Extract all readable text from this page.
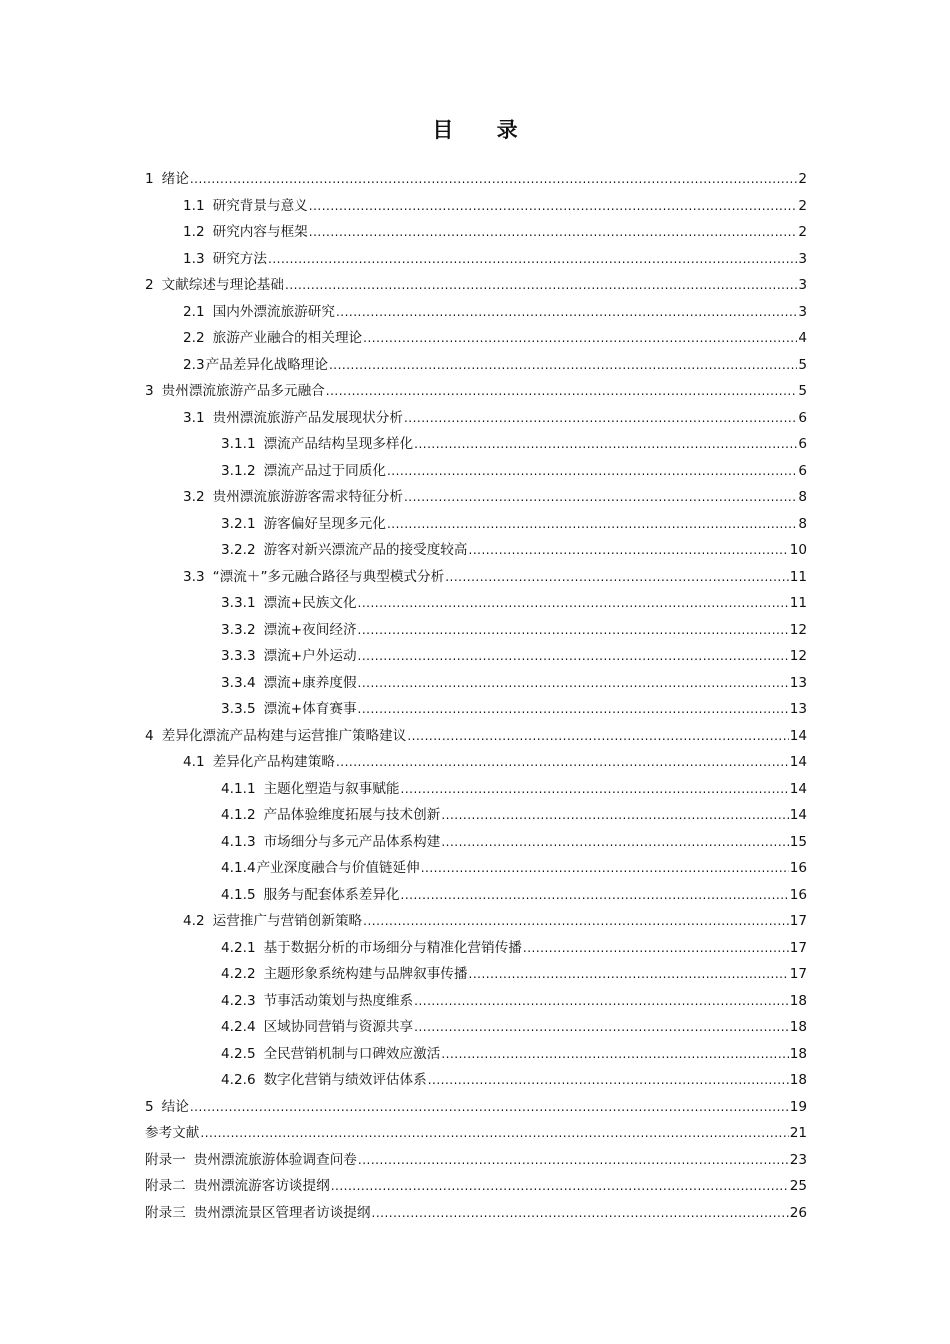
目 录
1 绪论 .....	2
1.1 研究背景与意义 .....	2
1.2 研究内容与框架 .....	2
1.3 研究方法 .....	3
2 文献综述与理论基础 .....	3
2.1 国内外漂流旅游研究 .....	3
2.2 旅游产业融合的相关理论 .....	4
2.3 产品差异化战略理论 .....	5
3 贵州漂流旅游产品多元融合 .....	5
3.1 贵州漂流旅游产品发展现状分析 .....	6
3.1.1 漂流产品结构呈现多样化 .....	6
3.1.2 漂流产品过于同质化 .....	6
3.2 贵州漂流旅游游客需求特征分析 .....	8
3.2.1 游客偏好呈现多元化 .....	8
3.2.2 游客对新兴漂流产品的接受度较高 .....	10
3.3 “漂流＋”多元融合路径与典型模式分析 .....	11
3.3.1 漂流+民族文化 .....	11
3.3.2 漂流+夜间经济 .....	12
3.3.3 漂流+户外运动 .....	12
3.3.4 漂流+康养度假 .....	13
3.3.5 漂流+体育赛事 .....	13
4 差异化漂流产品构建与运营推广策略建议 .....	14
4.1 差异化产品构建策略 .....	14
4.1.1 主题化塑造与叙事赋能 .....	14
4.1.2 产品体验维度拓展与技术创新 .....	14
4.1.3 市场细分与多元产品体系构建 .....	15
4.1.4 产业深度融合与价值链延伸 .....	16
4.1.5 服务与配套体系差异化 .....	16
4.2 运营推广与营销创新策略 .....	17
4.2.1 基于数据分析的市场细分与精准化营销传播 .....	17
4.2.2 主题形象系统构建与品牌叙事传播 .....	17
4.2.3 节事活动策划与热度维系 .....	18
4.2.4 区域协同营销与资源共享 .....	18
4.2.5 全民营销机制与口碑效应激活 .....	18
4.2.6 数字化营销与绩效评估体系 .....	18
5 结论 .....	19
参考文献 .....	21
附录一 贵州漂流旅游体验调查问卷 .....	23
附录二 贵州漂流游客访谈提纲 .....	25
附录三 贵州漂流景区管理者访谈提纲 .....	26
